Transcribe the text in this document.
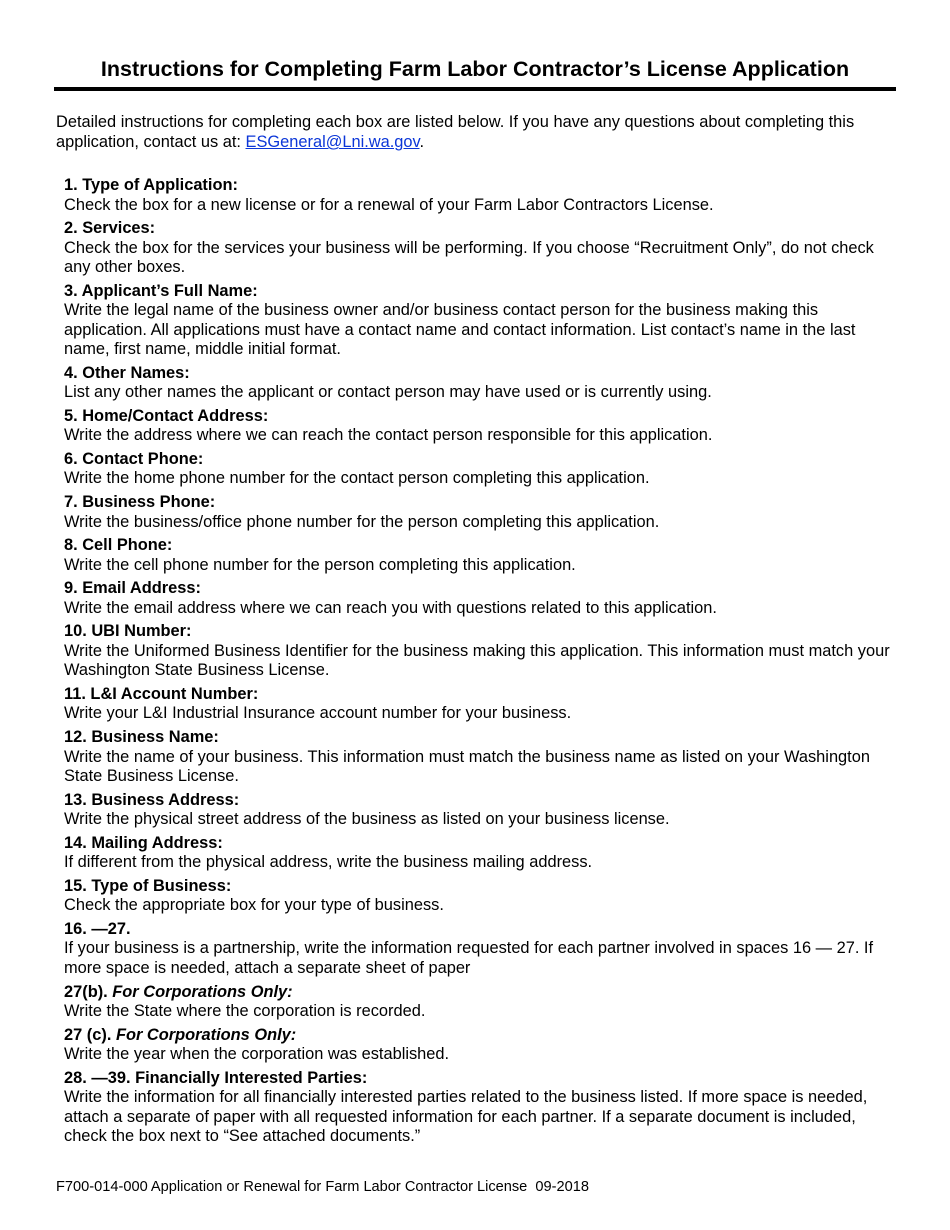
Instructions for Completing Farm Labor Contractor’s License Application

Detailed instructions for completing each box are listed below. If you have any questions about completing this application, contact us at: ESGeneral@Lni.wa.gov.

1. Type of Application:
Check the box for a new license or for a renewal of your Farm Labor Contractors License.
2. Services:
Check the box for the services your business will be performing. If you choose “Recruitment Only”, do not check any other boxes.
3. Applicant’s Full Name:
Write the legal name of the business owner and/or business contact person for the business making this application. All applications must have a contact name and contact information. List contact’s name in the last name, first name, middle initial format.
4. Other Names:
List any other names the applicant or contact person may have used or is currently using.
5. Home/Contact Address:
Write the address where we can reach the contact person responsible for this application.
6. Contact Phone:
Write the home phone number for the contact person completing this application.
7. Business Phone:
Write the business/office phone number for the person completing this application.
8. Cell Phone:
Write the cell phone number for the person completing this application.
9. Email Address:
Write the email address where we can reach you with questions related to this application.
10. UBI Number:
Write the Uniformed Business Identifier for the business making this application. This information must match your Washington State Business License.
11. L&I Account Number:
Write your L&I Industrial Insurance account number for your business.
12. Business Name:
Write the name of your business. This information must match the business name as listed on your Washington State Business License.
13. Business Address:
Write the physical street address of the business as listed on your business license.
14. Mailing Address:
If different from the physical address, write the business mailing address.
15. Type of Business:
Check the appropriate box for your type of business.
16. —27.
If your business is a partnership, write the information requested for each partner involved in spaces 16 — 27. If more space is needed, attach a separate sheet of paper
27(b). For Corporations Only:
Write the State where the corporation is recorded.
27 (c). For Corporations Only:
Write the year when the corporation was established.
28. —39. Financially Interested Parties:
Write the information for all financially interested parties related to the business listed. If more space is needed, attach a separate of paper with all requested information for each partner. If a separate document is included, check the box next to “See attached documents.”
F700-014-000 Application or Renewal for Farm Labor Contractor License  09-2018
